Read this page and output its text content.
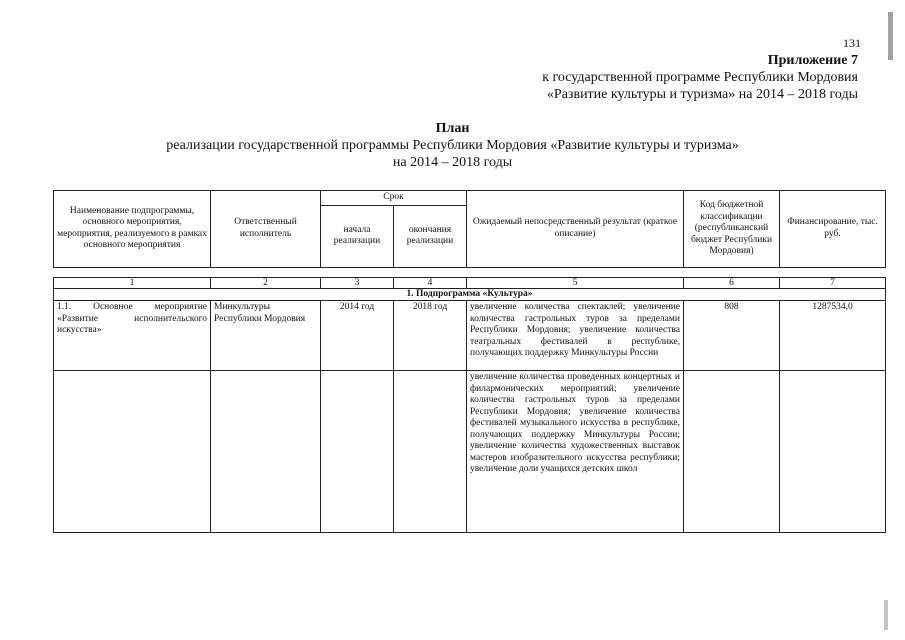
131
Приложение 7
к государственной программе Республики Мордовия
«Развитие культуры и туризма» на 2014 – 2018 годы
План
реализации государственной программы Республики Мордовия «Развитие культуры и туризма»
на 2014 – 2018 годы
Наименование подпрограммы, основного мероприятия, мероприятия, реализуемого в рамках основного мероприятия	Ответственный исполнитель	Срок		Ожидаемый непосредственный результат (краткое описание)	Код бюджетной классификации (республиканский бюджет Республики Мордовия)	Финансирование, тыс. руб.
		начала реализации	окончания реализации			
1	2	3	4	5	6	7
1. Подпрограмма «Культура»						
1.1. Основное мероприятие «Развитие исполнительского искусства»	Минкультуры Республики Мордовия	2014 год	2018 год	увеличение количества спектаклей; увеличение количества гастрольных туров за пределами Республики Мордовия; увеличение количества театральных фестивалей в республике, получающих поддержку Минкультуры России	808	1287534,0
				увеличение количества проведенных концертных и филармонических мероприятий; увеличение количества гастрольных туров за пределами Республики Мордовия; увеличение количества фестивалей музыкального искусства в республике, получающих поддержку Минкультуры России; увеличение количества художественных выставок мастеров изобразительного искусства республики; увеличение доли учащихся детских школ		
